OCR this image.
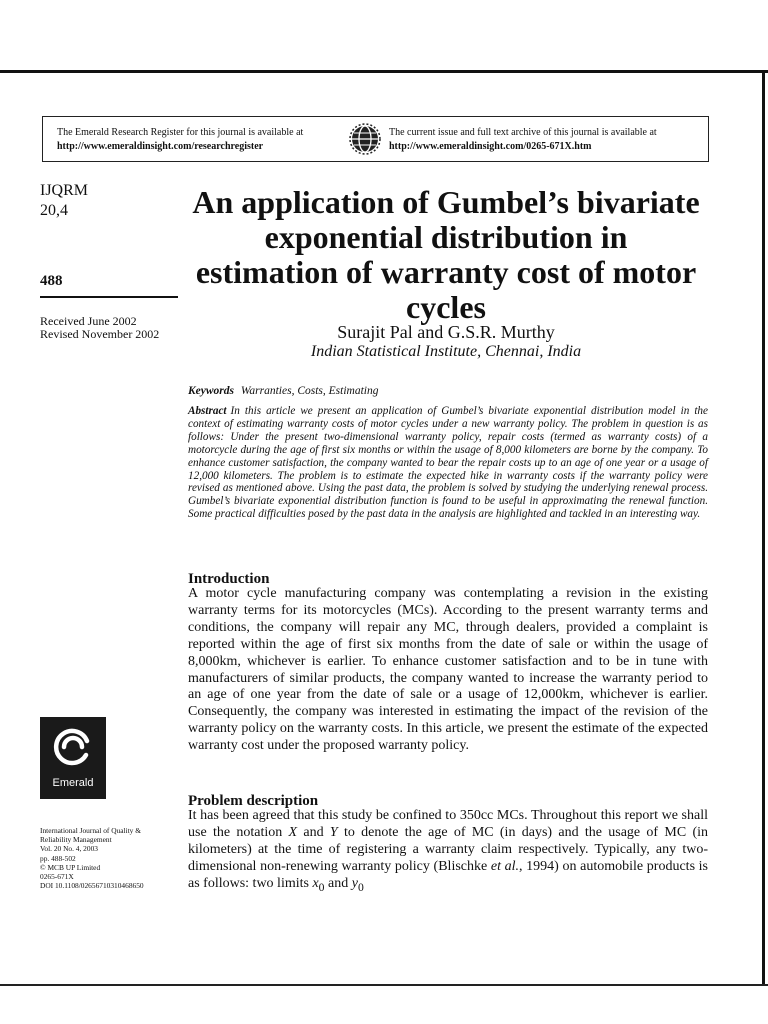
The Emerald Research Register for this journal is available at
http://www.emeraldinsight.com/researchregister
The current issue and full text archive of this journal is available at
http://www.emeraldinsight.com/0265-671X.htm
IJQRM
20,4
488
Received June 2002
Revised November 2002
An application of Gumbel’s bivariate exponential distribution in estimation of warranty cost of motor cycles
Surajit Pal and G.S.R. Murthy
Indian Statistical Institute, Chennai, India
Keywords Warranties, Costs, Estimating

Abstract In this article we present an application of Gumbel’s bivariate exponential distribution model in the context of estimating warranty costs of motor cycles under a new warranty policy. The problem in question is as follows: Under the present two-dimensional warranty policy, repair costs (termed as warranty costs) of a motorcycle during the age of first six months or within the usage of 8,000 kilometers are borne by the company. To enhance customer satisfaction, the company wanted to bear the repair costs up to an age of one year or a usage of 12,000 kilometers. The problem is to estimate the expected hike in warranty costs if the warranty policy were revised as mentioned above. Using the past data, the problem is solved by studying the underlying renewal process. Gumbel’s bivariate exponential distribution function is found to be useful in approximating the renewal function. Some practical difficulties posed by the past data in the analysis are highlighted and tackled in an interesting way.

Introduction

A motor cycle manufacturing company was contemplating a revision in the existing warranty terms for its motorcycles (MCs). According to the present warranty terms and conditions, the company will repair any MC, through dealers, provided a complaint is reported within the age of first six months from the date of sale or within the usage of 8,000km, whichever is earlier. To enhance customer satisfaction and to be in tune with manufacturers of similar products, the company wanted to increase the warranty period to an age of one year from the date of sale or a usage of 12,000km, whichever is earlier. Consequently, the company was interested in estimating the impact of the revision of the warranty policy on the warranty costs. In this article, we present the estimate of the expected warranty cost under the proposed warranty policy.

Problem description

It has been agreed that this study be confined to 350cc MCs. Throughout this report we shall use the notation X and Y to denote the age of MC (in days) and the usage of MC (in kilometers) at the time of registering a warranty claim respectively. Typically, any two-dimensional non-renewing warranty policy (Blischke et al., 1994) on automobile products is as follows: two limits $x_0$ and $y_0$

Emerald
International Journal of Quality &
Reliability Management
Vol. 20 No. 4, 2003
pp. 488-502
© MCB UP Limited
0265-671X
DOI 10.1108/02656710310468650
